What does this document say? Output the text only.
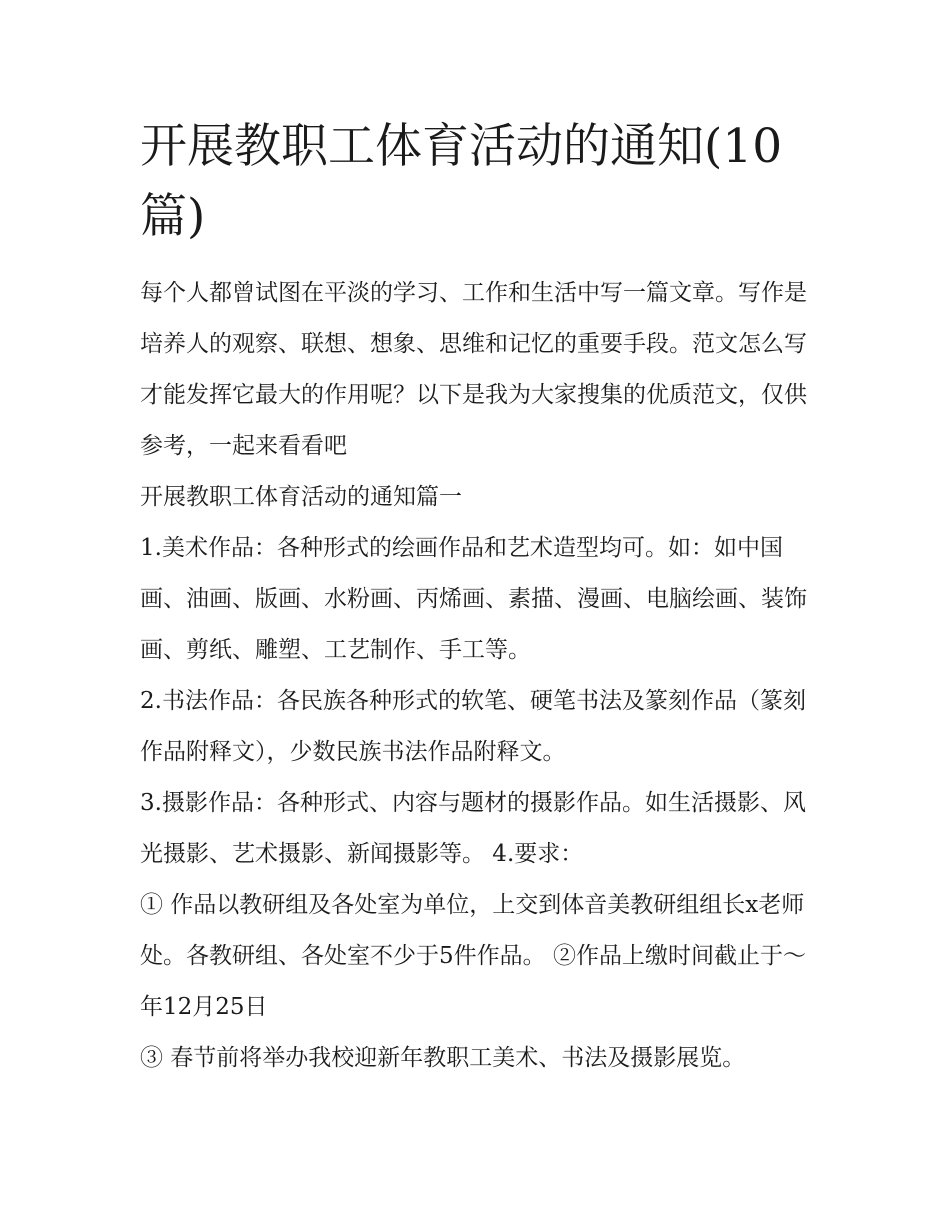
开展教职工体育活动的通知(10篇)

每个人都曾试图在平淡的学习、工作和生活中写一篇文章。写作是培养人的观察、联想、想象、思维和记忆的重要手段。范文怎么写才能发挥它最大的作用呢？以下是我为大家搜集的优质范文，仅供参考，一起来看看吧

开展教职工体育活动的通知篇一

1.美术作品：各种形式的绘画作品和艺术造型均可。如：如中国画、油画、版画、水粉画、丙烯画、素描、漫画、电脑绘画、装饰画、剪纸、雕塑、工艺制作、手工等。

2.书法作品：各民族各种形式的软笔、硬笔书法及篆刻作品（篆刻作品附释文），少数民族书法作品附释文。

3.摄影作品：各种形式、内容与题材的摄影作品。如生活摄影、风光摄影、艺术摄影、新闻摄影等。 4.要求：

① 作品以教研组及各处室为单位，上交到体音美教研组组长x老师处。各教研组、各处室不少于5件作品。 ②作品上缴时间截止于～年12月25日

③ 春节前将举办我校迎新年教职工美术、书法及摄影展览。
